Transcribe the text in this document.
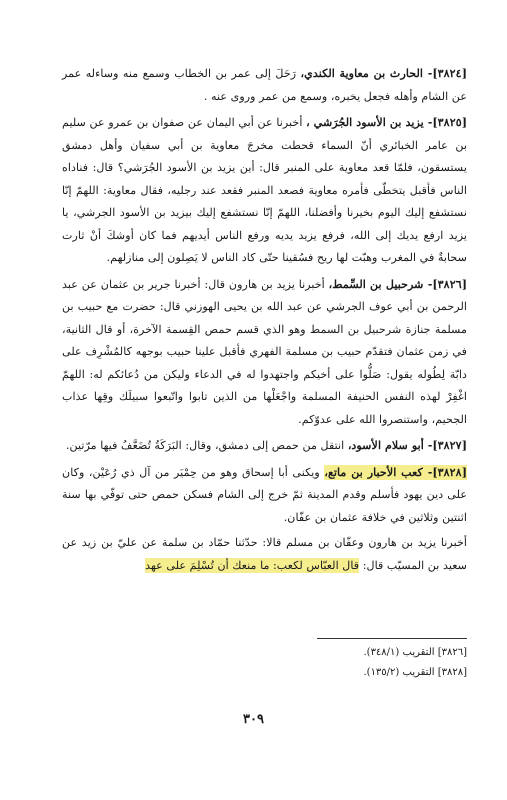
[٣٨٢٤]- الحارث بن معاوية الكندي، رَحَلَ إلى عمر بن الخطاب وسمع منه وساءله عمر عن الشام وأهله فجعل يخبره، وسمع من عمر وروى عنه .

[٣٨٢٥]- يزيد بن الأسود الجُرَشي ، أخبرنا عن أبي اليمان عن صفوان بن عمرو عن سليم بن عامر الخبائري أنّ السماء قحطت مخرجَ معاوية بن أبي سفيان وأهل دمشق يستسقون، فلمّا قعد معاوية على المنبر قال: أين يزيد بن الأسود الجُرَشي؟ قال: فناداه الناس فأقبل يتخطّى فأمره معاوية فصعد المنبر فقعد عند رجليه، فقال معاوية: اللهمّ إنّا نستشفع إليك اليوم بخيرنا وأفضلنا، اللهمّ إنّا نستشفع إليك بيزيد بن الأسود الجرشي، يا يزيد ارفع يديك إلى الله، فرفع يزيد يديه ورفع الناس أيديهم فما كان أوشكَ أنْ ثارت سحابةٌ في المغرب وهبّت لها ريح فسُقينا حتّى كاد الناس لا يَصِلون إلى منازلهم.

[٣٨٢٦]- شرحبيل بن السِّمط، أخبرنا يزيد بن هارون قال: أخبرنا جرير بن عثمان عن عبد الرحمن بن أبي عوف الجرشي عن عبد الله بن يحيى الهوزني قال: حضرت مع حبيب بن مسلمة جنازة شرحبيل بن السمط وهو الذي قسم حمص القِسمة الآخرة، أو قال الثانية، في زمن عثمان فتقدّم حبيب بن مسلمة الفهري فأقبل علينا حبيب بوجهه كالمُشْرِف على دابّة لِطُوله يقول: صَلُّوا على أخيكم واجتهدوا له في الدعاء وليكن من دُعائكم له: اللهمّ اغْفِرْ لهذه النفس الحنيفة المسلمة واجْعَلْها من الذين تابوا واتّبعوا سبيلَك وقِها عذاب الجحيم، واستنصروا الله على عدوّكم.

[٣٨٢٧]- أبو سلام الأسود، انتقل من حمص إلى دمشق، وقال: البَرَكَةُ تُضَعَّفُ فيها مرّتين.

[٣٨٢٨]- كعب الأحبار بن ماتع، ويكنى أبا إسحاق وهو من حِمْيَر من آل ذي رُعَيْن، وكان على دين يهود فأسلم وقدم المدينة ثمّ خرج إلى الشام فسكن حمص حتى توفّي بها سنة اثنتين وثلاثين في خلافة عثمان بن عفّان.

أخبرنا يزيد بن هارون وعفّان بن مسلم قالا: حدّثنا حمّاد بن سلمة عن عليّ بن زيد عن سعيد بن المسيّب قال: قال العبّاس لكعب: ما منعك أن تُسْلِمَ على عهد

[٣٨٢٦] التقريب (٣٤٨/١).
[٣٨٢٨] التقريب (١٣٥/٢).
٣٠٩
